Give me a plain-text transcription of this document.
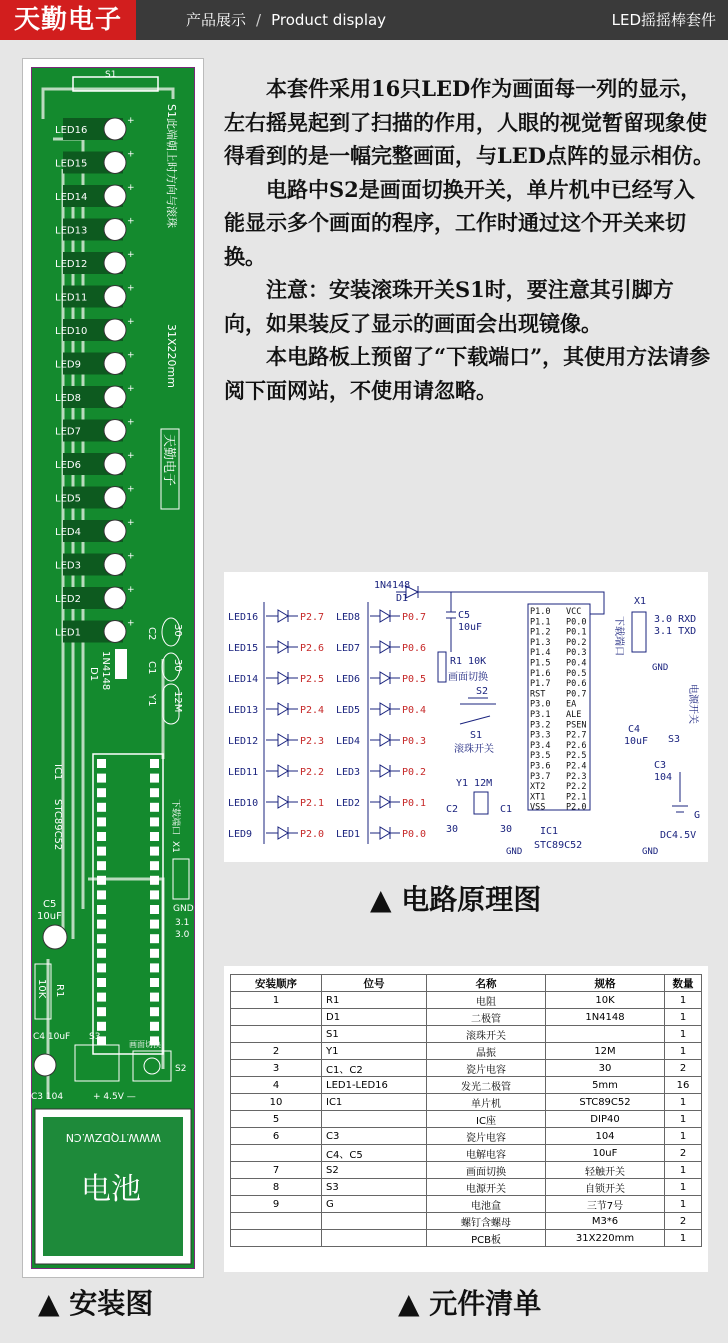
天勤电子	产品展示 / Product display	LED摇摇棒套件
LED16
+
LED15
+
LED14
+
LED13
+
LED12
+
LED11
+
LED10
+
LED9
+
LED8
+
LED7
+
LED6
+
LED5
+
LED4
+
LED3
+
LED2
+
LED1
+
S1
S1此端朝上时方向与滚珠
31X220mm
天勤电子
C2 30
C1 30
Y1 12M
1N4148
D1
IC1
STC89C52	下载端口
X1
GND
3.1
3.0
C5
10uF
10K R1
C4 10uF S3
画面切换
S2
C3 104	+ 4.5V —
WWW.TQDZW.CN
电池
▲ 安装图

本套件采用16只LED作为画面每一列的显示，左右摇晃起到了扫描的作用，人眼的视觉暂留现象使得看到的是一幅完整画面，与LED点阵的显示相仿。

电路中S2是画面切换开关，单片机中已经写入能显示多个画面的程序，工作时通过这个开关来切换。

注意：安装滚珠开关S1时，要注意其引脚方向，如果装反了显示的画面会出现镜像。

本电路板上预留了“下载端口”，其使用方法请参阅下面网站，不使用请忽略。

LED16	P2.7 LED8	P0.7
LED15	P2.6 LED7	P0.6
LED14	P2.5 LED6	P0.5
LED13	P2.4 LED5	P0.4
LED12	P2.3 LED4	P0.3
LED11	P2.2 LED3	P0.2
LED10	P2.1 LED2	P0.1
LED9	P2.0 LED1	P0.0
1N4148
D1
C5
10uF
R1 10K
画面切换
S2
S1
滚珠开关
Y1 12M
C2
30
C1
30
GND
P1.0 VCC
P1.1 P0.0
P1.2 P0.1
P1.3 P0.2
P1.4 P0.3
P1.5 P0.4
P1.6 P0.5
P1.7 P0.6
RST P0.7
P3.0 EA
P3.1 ALE
P3.2 PSEN
P3.3 P2.7
P3.4 P2.6
P3.5 P2.5
P3.6 P2.4
P3.7 P2.3
XT2 P2.2
XT1 P2.1
VSS P2.0
IC1
STC89C52
X1
下载端口	3.0 RXD
3.1 TXD
GND
C4
10uF
C3
104
S3
电源开关
G
DC4.5V
GND
▲ 电路原理图
安装顺序	位号	名称	规格	数量
1	R1	电阻	10K	1
	D1	二极管	1N4148	1
	S1	滚珠开关		1
2	Y1	晶振	12M	1
3	C1、C2	瓷片电容	30	2
4	LED1-LED16	发光二极管	5mm	16
10	IC1	单片机	STC89C52	1
5		IC座	DIP40	1
6	C3	瓷片电容	104	1
	C4、C5	电解电容	10uF	2
7	S2	画面切换	轻触开关	1
8	S3	电源开关	自锁开关	1
9	G	电池盒	三节7号	1
		螺钉含螺母	M3*6	2
		PCB板	31X220mm	1
▲ 元件清单
